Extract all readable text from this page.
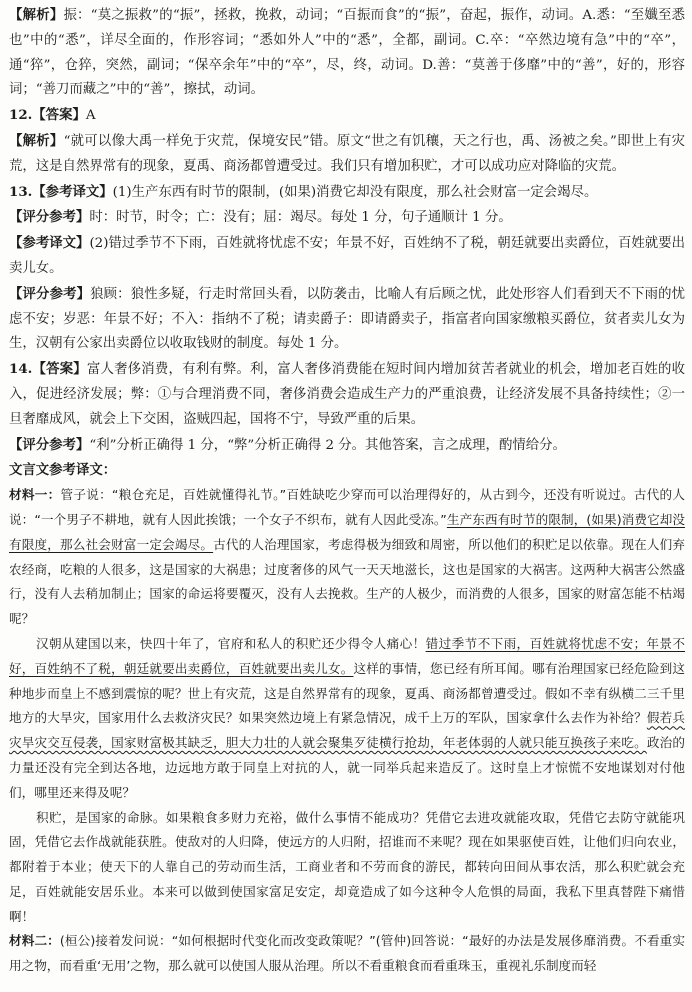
【解析】振：“莫之振救”的“振”，拯救，挽救，动词；“百振而食”的“振”，奋起，振作，动词。A.悉：“至孅至悉也”中的“悉”，详尽全面的，作形容词；“悉如外人”中的“悉”，全都，副词。C.卒：“卒然边境有急”中的“卒”，通“猝”，仓猝，突然，副词；“保卒余年”中的“卒”，尽，终，动词。D.善：“莫善于侈靡”中的“善”，好的，形容词；“善刀而藏之”中的“善”，擦拭，动词。

12.【答案】A

【解析】“就可以像大禹一样免于灾荒，保境安民”错。原文“世之有饥穰，天之行也，禹、汤被之矣。”即世上有灾荒，这是自然界常有的现象，夏禹、商汤都曾遭受过。我们只有增加积贮，才可以成功应对降临的灾荒。

13.【参考译文】(1)生产东西有时节的限制，(如果)消费它却没有限度，那么社会财富一定会竭尽。

【评分参考】时：时节，时令；亡：没有；屈：竭尽。每处 1 分，句子通顺计 1 分。

【参考译文】(2)错过季节不下雨，百姓就将忧虑不安；年景不好，百姓纳不了税，朝廷就要出卖爵位，百姓就要出卖儿女。

【评分参考】狼顾：狼性多疑，行走时常回头看，以防袭击，比喻人有后顾之忧，此处形容人们看到天不下雨的忧虑不安；岁恶：年景不好；不入：指纳不了税；请卖爵子：即请爵卖子，指富者向国家缴粮买爵位，贫者卖儿女为生，汉朝有公家出卖爵位以收取钱财的制度。每处 1 分。

14.【答案】富人奢侈消费，有利有弊。利，富人奢侈消费能在短时间内增加贫苦者就业的机会，增加老百姓的收入，促进经济发展；弊：①与合理消费不同，奢侈消费会造成生产力的严重浪费，让经济发展不具备持续性；②一旦奢靡成风，就会上下交困，盗贼四起，国将不宁，导致严重的后果。

【评分参考】“利”分析正确得 1 分，“弊”分析正确得 2 分。其他答案，言之成理，酌情给分。

文言文参考译文：

材料一：管子说：“粮仓充足，百姓就懂得礼节。”百姓缺吃少穿而可以治理得好的，从古到今，还没有听说过。古代的人说：“一个男子不耕地，就有人因此挨饿；一个女子不织布，就有人因此受冻。”生产东西有时节的限制，(如果)消费它却没有限度，那么社会财富一定会竭尽。古代的人治理国家，考虑得极为细致和周密，所以他们的积贮足以依靠。现在人们弃农经商，吃粮的人很多，这是国家的大祸患；过度奢侈的风气一天天地滋长，这也是国家的大祸害。这两种大祸害公然盛行，没有人去稍加制止；国家的命运将要覆灭，没有人去挽救。生产的人极少，而消费的人很多，国家的财富怎能不枯竭呢？

汉朝从建国以来，快四十年了，官府和私人的积贮还少得令人痛心！错过季节不下雨，百姓就将忧虑不安；年景不好，百姓纳不了税，朝廷就要出卖爵位，百姓就要出卖儿女。这样的事情，您已经有所耳闻。哪有治理国家已经危险到这种地步而皇上不感到震惊的呢？世上有灾荒，这是自然界常有的现象，夏禹、商汤都曾遭受过。假如不幸有纵横二三千里地方的大旱灾，国家用什么去救济灾民？如果突然边境上有紧急情况，成千上万的军队，国家拿什么去作为补给？假若兵灾旱灾交互侵袭，国家财富极其缺乏，胆大力壮的人就会聚集歹徒横行抢劫，年老体弱的人就只能互换孩子来吃。政治的力量还没有完全到达各地，边远地方敢于同皇上对抗的人，就一同举兵起来造反了。这时皇上才惊慌不安地谋划对付他们，哪里还来得及呢？

积贮，是国家的命脉。如果粮食多财力充裕，做什么事情不能成功？凭借它去进攻就能攻取，凭借它去防守就能巩固，凭借它去作战就能获胜。使敌对的人归降，使远方的人归附，招谁而不来呢？现在如果驱使百姓，让他们归向农业，都附着于本业；使天下的人靠自己的劳动而生活，工商业者和不劳而食的游民，都转向田间从事农活，那么积贮就会充足，百姓就能安居乐业。本来可以做到使国家富足安定，却竟造成了如今这种令人危惧的局面，我私下里真替陛下痛惜啊！

材料二：(桓公)接着发问说：“如何根据时代变化而改变政策呢？”(管仲)回答说：“最好的办法是发展侈靡消费。不看重实用之物，而看重‘无用’之物，那么就可以使国人服从治理。所以不看重粮食而看重珠玉，重视礼乐制度而轻
